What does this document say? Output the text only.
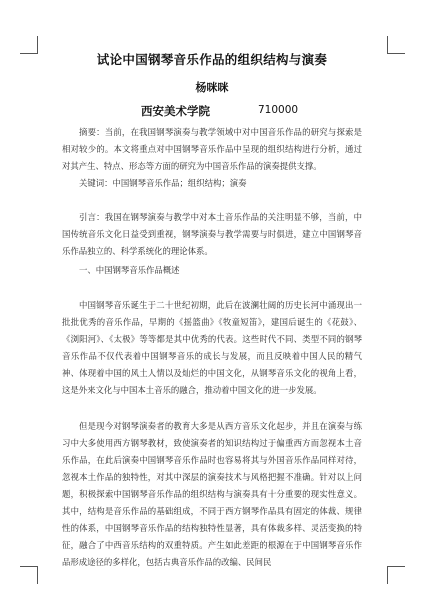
试论中国钢琴音乐作品的组织结构与演奏
杨咪咪
西安美术学院	710000

摘要：当前，在我国钢琴演奏与教学领域中对中国音乐作品的研究与探索是相对较少的。本文将重点对中国钢琴音乐作品中呈现的组织结构进行分析，通过对其产生、特点、形态等方面的研究为中国音乐作品的演奏提供支撑。

关键词：中国钢琴音乐作品；组织结构；演奏

引言：我国在钢琴演奏与教学中对本土音乐作品的关注明显不够，当前，中国传统音乐文化日益受到重视，钢琴演奏与教学需要与时俱进，建立中国钢琴音乐作品独立的、科学系统化的理论体系。

一、中国钢琴音乐作品概述

中国钢琴音乐诞生于二十世纪初期，此后在波澜壮阔的历史长河中涌现出一批批优秀的音乐作品，早期的《摇篮曲》《牧童短笛》，建国后诞生的《花鼓》、《浏阳河》、《太极》等等都是其中优秀的代表。这些时代不同、类型不同的钢琴音乐作品不仅代表着中国钢琴音乐的成长与发展，而且反映着中国人民的精气神、体现着中国的风土人情以及灿烂的中国文化，从钢琴音乐文化的视角上看，这是外来文化与中国本土音乐的融合，推动着中国文化的进一步发展。

但是现今对钢琴演奏者的教育大多是从西方音乐文化起步，并且在演奏与练习中大多使用西方钢琴教材，致使演奏者的知识结构过于偏重西方而忽视本土音乐作品，在此后演奏中国钢琴音乐作品时也容易将其与外国音乐作品同样对待，忽视本土作品的独特性，对其中深层的演奏技术与风格把握不准确。针对以上问题，积极探索中国钢琴音乐作品的组织结构与演奏具有十分重要的现实性意义。其中，结构是音乐作品的基础组成，不同于西方钢琴作品具有固定的体裁、规律性的体系，中国钢琴音乐作品的结构独特性显著，具有体裁多样、灵活变换的特征，融合了中西音乐结构的双重特质。产生如此差距的根源在于中国钢琴音乐作品形成途径的多样化，包括古典音乐作品的改编、民间民
